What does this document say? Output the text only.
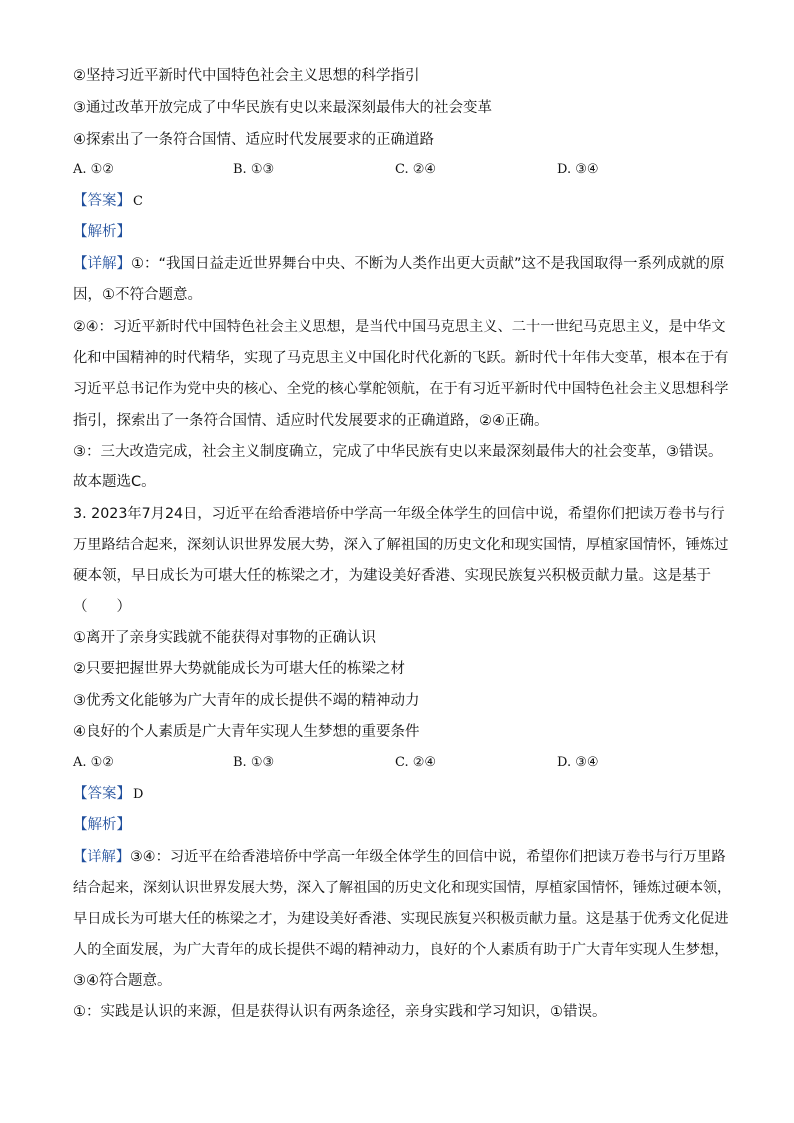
②坚持习近平新时代中国特色社会主义思想的科学指引
③通过改革开放完成了中华民族有史以来最深刻最伟大的社会变革
④探索出了一条符合国情、适应时代发展要求的正确道路
A. ①②	B. ①③	C. ②④	D. ③④
【答案】 C
【解析】
【详解】①：“我国日益走近世界舞台中央、不断为人类作出更大贡献”这不是我国取得一系列成就的原
因，①不符合题意。
②④：习近平新时代中国特色社会主义思想，是当代中国马克思主义、二十一世纪马克思主义，是中华文
化和中国精神的时代精华，实现了马克思主义中国化时代化新的飞跃。新时代十年伟大变革，根本在于有
习近平总书记作为党中央的核心、全党的核心掌舵领航，在于有习近平新时代中国特色社会主义思想科学
指引，探索出了一条符合国情、适应时代发展要求的正确道路，②④正确。
③：三大改造完成，社会主义制度确立，完成了中华民族有史以来最深刻最伟大的社会变革，③错误。
故本题选C。
3. 2023年7月24日，习近平在给香港培侨中学高一年级全体学生的回信中说，希望你们把读万卷书与行
万里路结合起来，深刻认识世界发展大势，深入了解祖国的历史文化和现实国情，厚植家国情怀，锤炼过
硬本领，早日成长为可堪大任的栋梁之才，为建设美好香港、实现民族复兴积极贡献力量。这是基于
（　　）
①离开了亲身实践就不能获得对事物的正确认识
②只要把握世界大势就能成长为可堪大任的栋梁之材
③优秀文化能够为广大青年的成长提供不竭的精神动力
④良好的个人素质是广大青年实现人生梦想的重要条件
A. ①②	B. ①③	C. ②④	D. ③④
【答案】 D
【解析】
【详解】③④：习近平在给香港培侨中学高一年级全体学生的回信中说，希望你们把读万卷书与行万里路
结合起来，深刻认识世界发展大势，深入了解祖国的历史文化和现实国情，厚植家国情怀，锤炼过硬本领，
早日成长为可堪大任的栋梁之才，为建设美好香港、实现民族复兴积极贡献力量。这是基于优秀文化促进
人的全面发展，为广大青年的成长提供不竭的精神动力，良好的个人素质有助于广大青年实现人生梦想，
③④符合题意。
①：实践是认识的来源，但是获得认识有两条途径，亲身实践和学习知识，①错误。
